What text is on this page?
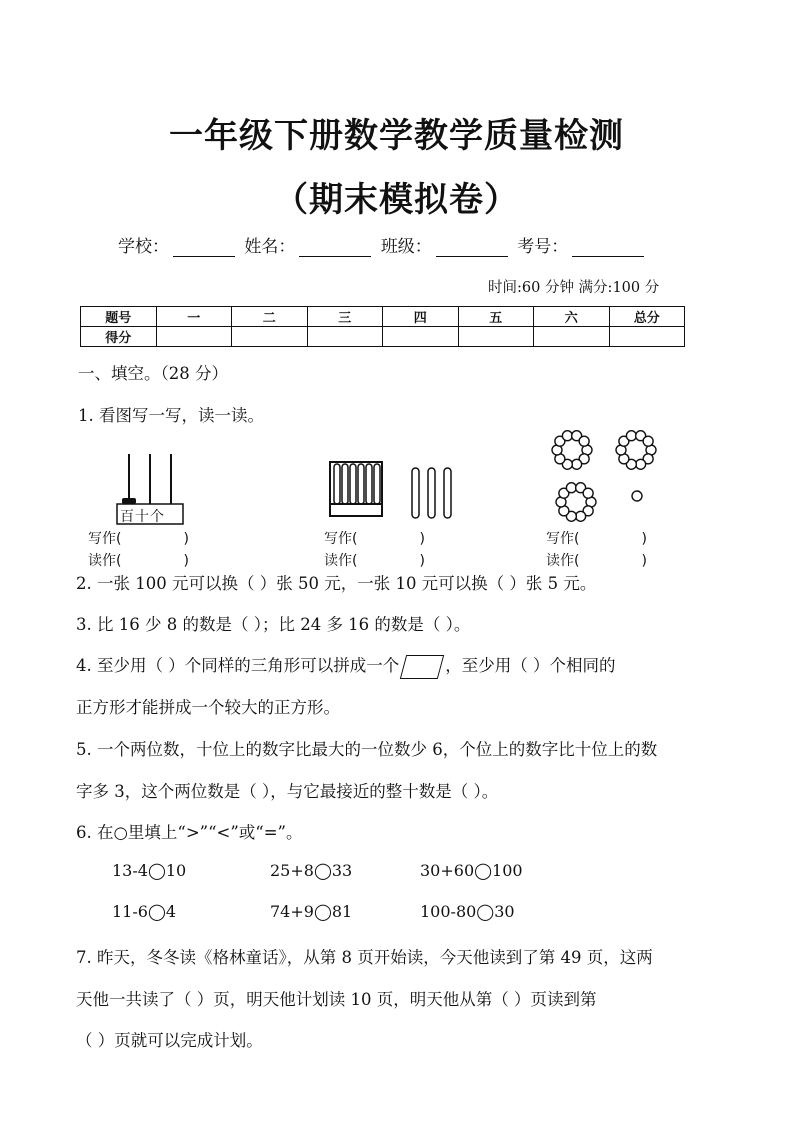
一年级下册数学教学质量检测
（期末模拟卷）
学校：	姓名：	班级：	考号：
时间:60 分钟 满分:100 分
题号	一	二	三	四	五	六	总分
得分							
一、填空。（28 分）
1. 看图写一写，读一读。
百十个
写作(	)
读作(	)
写作(	)
读作(	)
写作(	)
读作(	)
2. 一张 100 元可以换（ ）张 50 元，一张 10 元可以换（ ）张 5 元。
3. 比 16 少 8 的数是（ ）；比 24 多 16 的数是（ ）。
4. 至少用（ ）个同样的三角形可以拼成一个	，至少用（ ）个相同的
正方形才能拼成一个较大的正方形。
5. 一个两位数，十位上的数字比最大的一位数少 6，个位上的数字比十位上的数
字多 3，这个两位数是（ ），与它最接近的整十数是（ ）。
6. 在○里填上“>”“<”或“=”。
13-4◯10	25+8◯33	30+60◯100
11-6◯4	74+9◯81	100-80◯30
7. 昨天，冬冬读《格林童话》，从第 8 页开始读，今天他读到了第 49 页，这两
天他一共读了（ ）页，明天他计划读 10 页，明天他从第（ ）页读到第
（ ）页就可以完成计划。
